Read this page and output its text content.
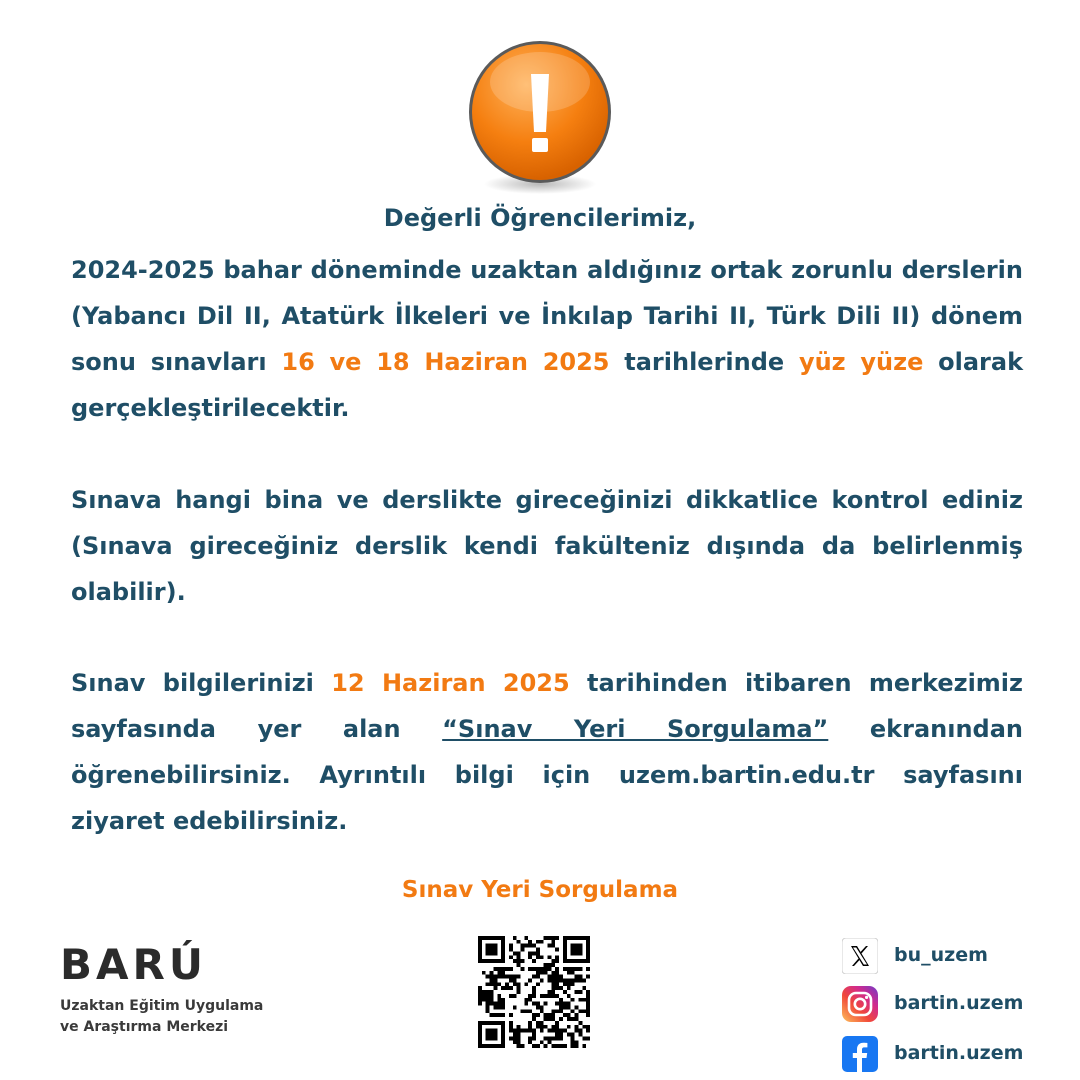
Değerli Öğrencilerimiz,
2024-2025 bahar döneminde uzaktan aldığınız ortak zorunlu derslerin (Yabancı Dil II, Atatürk İlkeleri ve İnkılap Tarihi II, Türk Dili II) dönem sonu sınavları 16 ve 18 Haziran 2025 tarihlerinde yüz yüze olarak gerçekleştirilecektir.
Sınava hangi bina ve derslikte gireceğinizi dikkatlice kontrol ediniz (Sınava gireceğiniz derslik kendi fakülteniz dışında da belirlenmiş olabilir).
Sınav bilgilerinizi 12 Haziran 2025 tarihinden itibaren merkezimiz sayfasında yer alan “Sınav Yeri Sorgulama” ekranından öğrenebilirsiniz. Ayrıntılı bilgi için uzem.bartin.edu.tr sayfasını ziyaret edebilirsiniz.
Sınav Yeri Sorgulama
BARÚ
Uzaktan Eğitim Uygulama
ve Araştırma Merkezi
bu_uzem
bartin.uzem
bartin.uzem
